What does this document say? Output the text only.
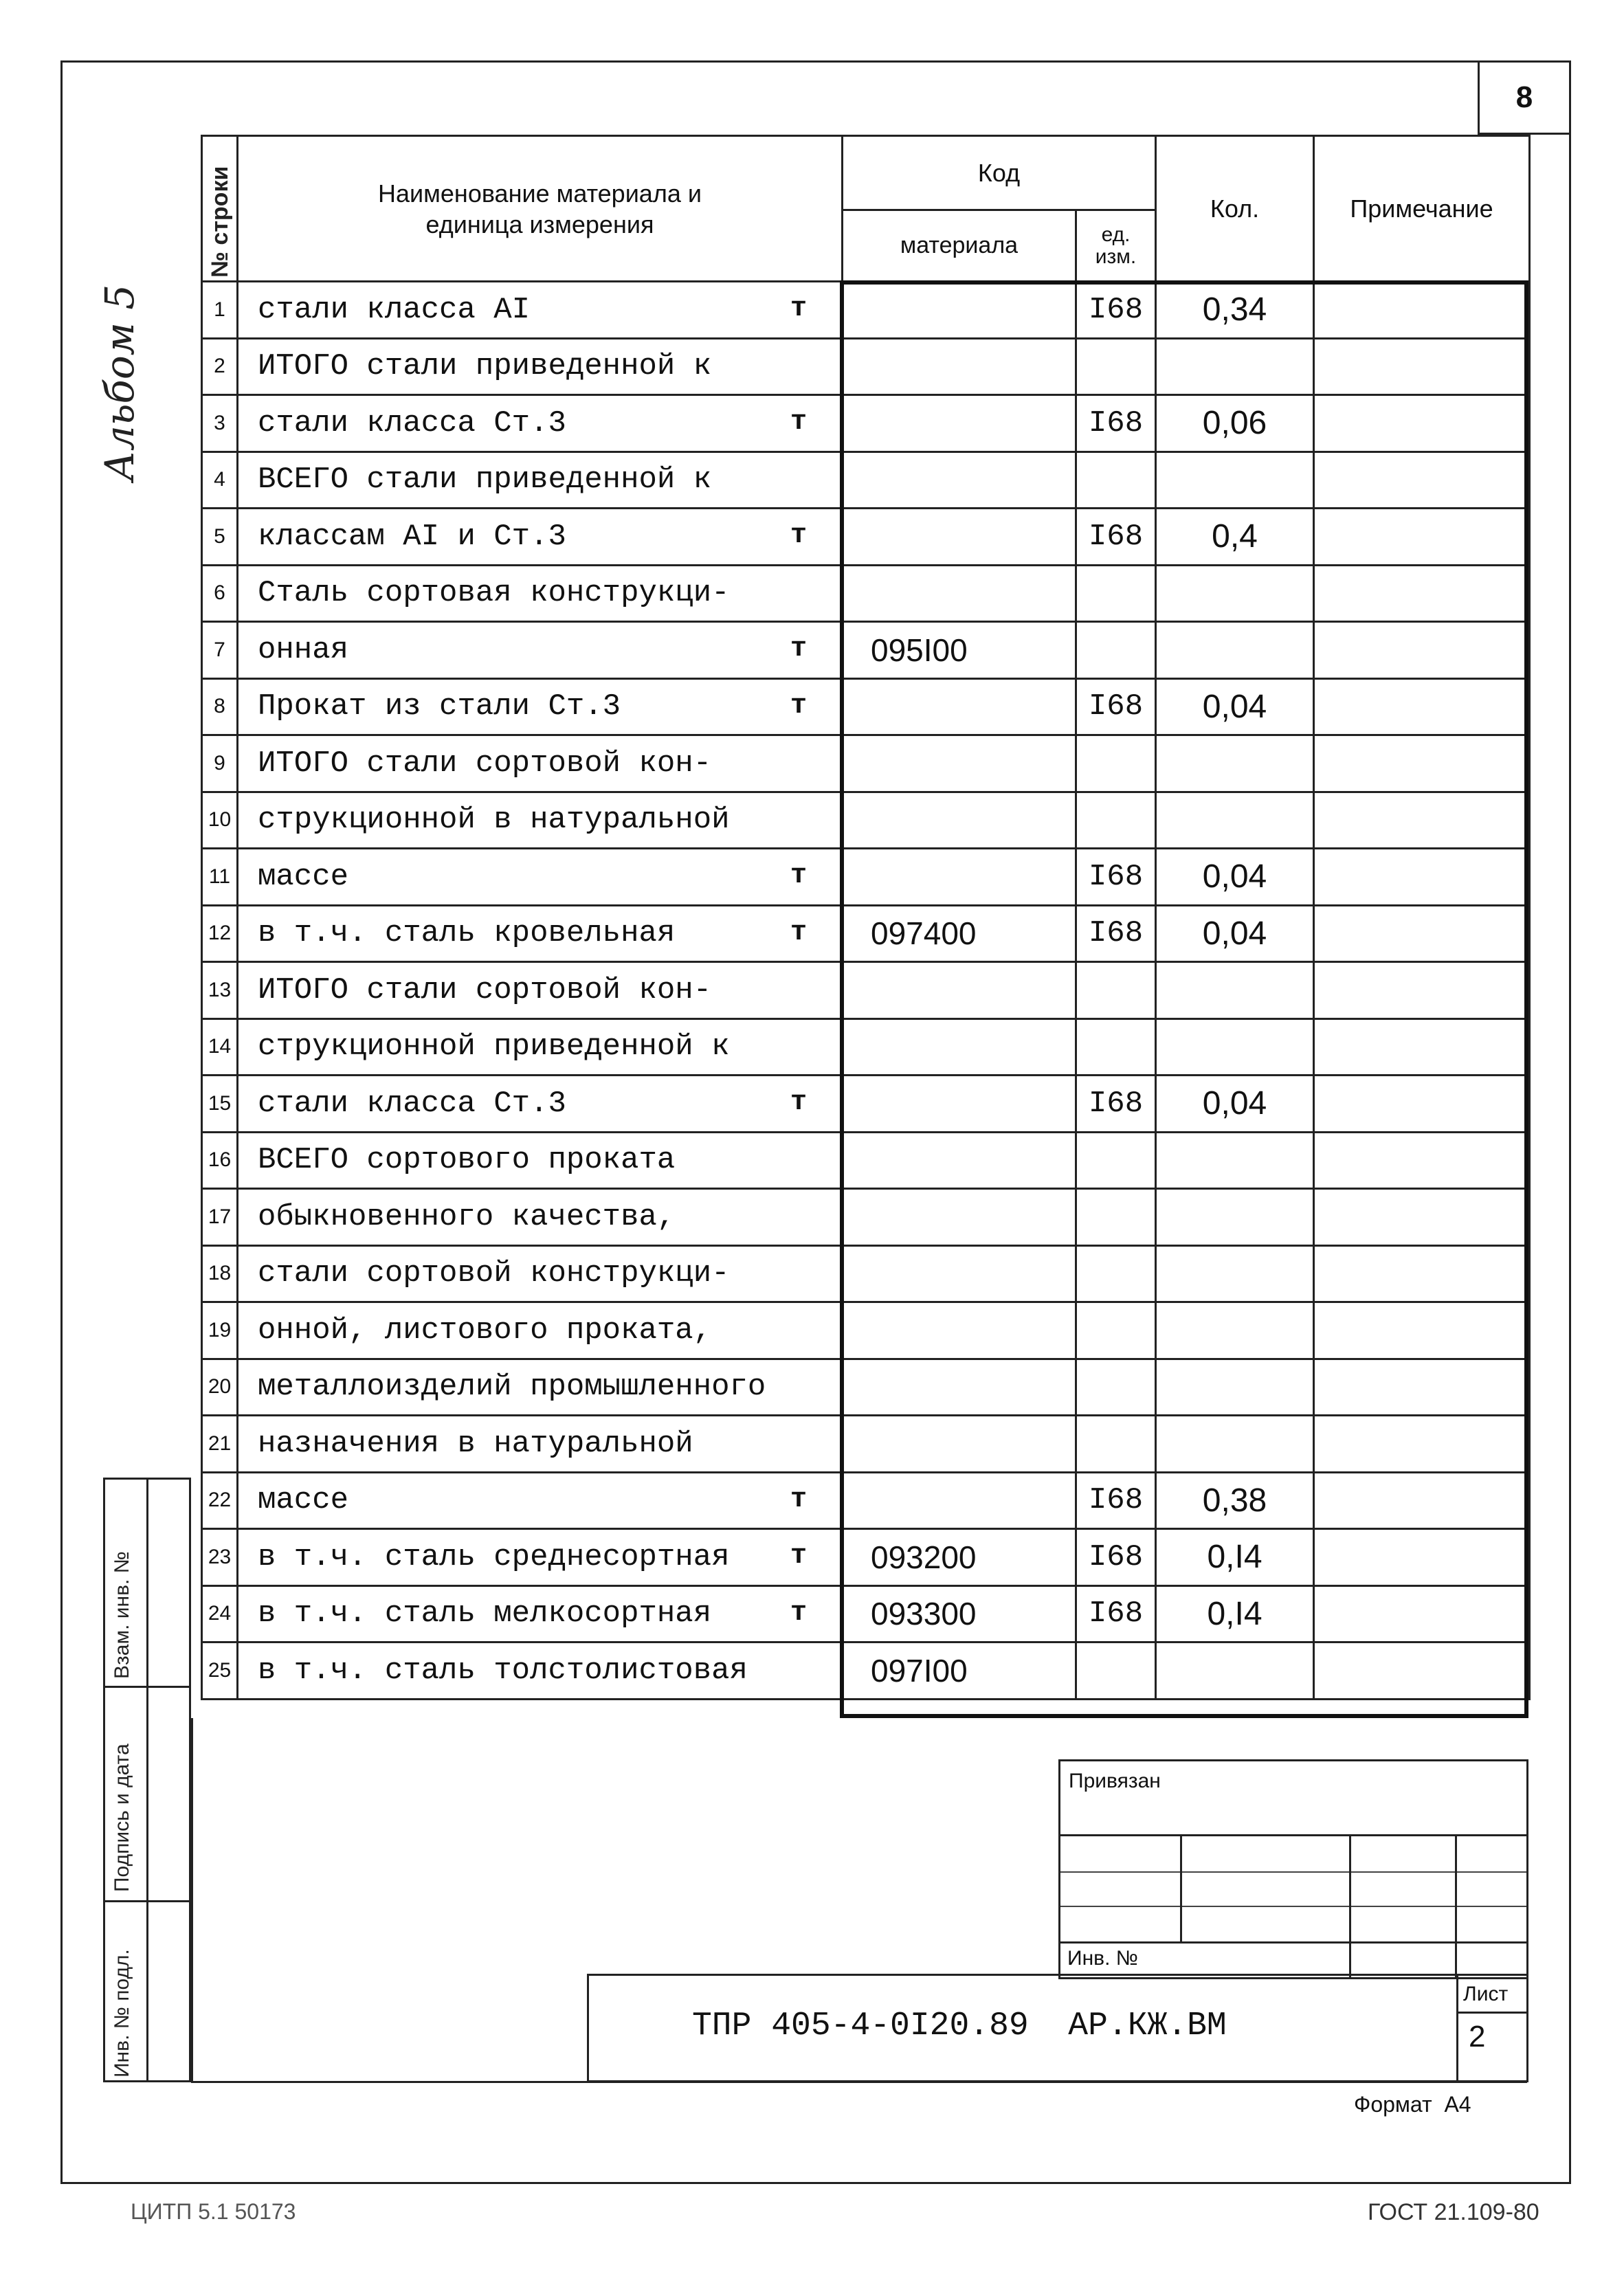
8
Альбом 5
№ строки	Наименование материала и
единица измерения	Код		Кол.	Примечание
		материала	ед.
изм.		
1	стали класса АI т		I68	0,34	
2	ИТОГО стали приведенной к

3	стали класса Ст.3 т		I68	0,06	
4	ВСЕГО стали приведенной к

5	классам АI и Ст.3 т		I68	0,4	
6	Сталь сортовая конструкци-

7	онная т	095I00			
8	Прокат из стали Ст.3 т		I68	0,04	
9	ИТОГО стали сортовой кон-

10	струкционной в натуральной

11	массе т		I68	0,04	
12	в т.ч. сталь кровельная т	097400	I68	0,04	
13	ИТОГО стали сортовой кон-

14	струкционной приведенной к

15	стали класса Ст.3 т		I68	0,04	
16	ВСЕГО сортового проката

17	обыкновенного качества,

18	стали сортовой конструкци-

19	онной, листового проката,

20	металлоизделий промышленного

21	назначения в натуральной

22	массе т		I68	0,38	
23	в т.ч. сталь среднесортная т	093200	I68	0,I4	
24	в т.ч. сталь мелкосортная т	093300	I68	0,I4	
25	в т.ч. сталь толстолистовая	097I00			
Взам. инв. №
Подпись и дата
Инв. № подл.
Привязан
Инв. №
ТПР 405-4-0I20.89  АР.КЖ.ВМ
Лист
2
Формат  А4
ЦИТП 5.1 50173	ГОСТ 21.109-80
